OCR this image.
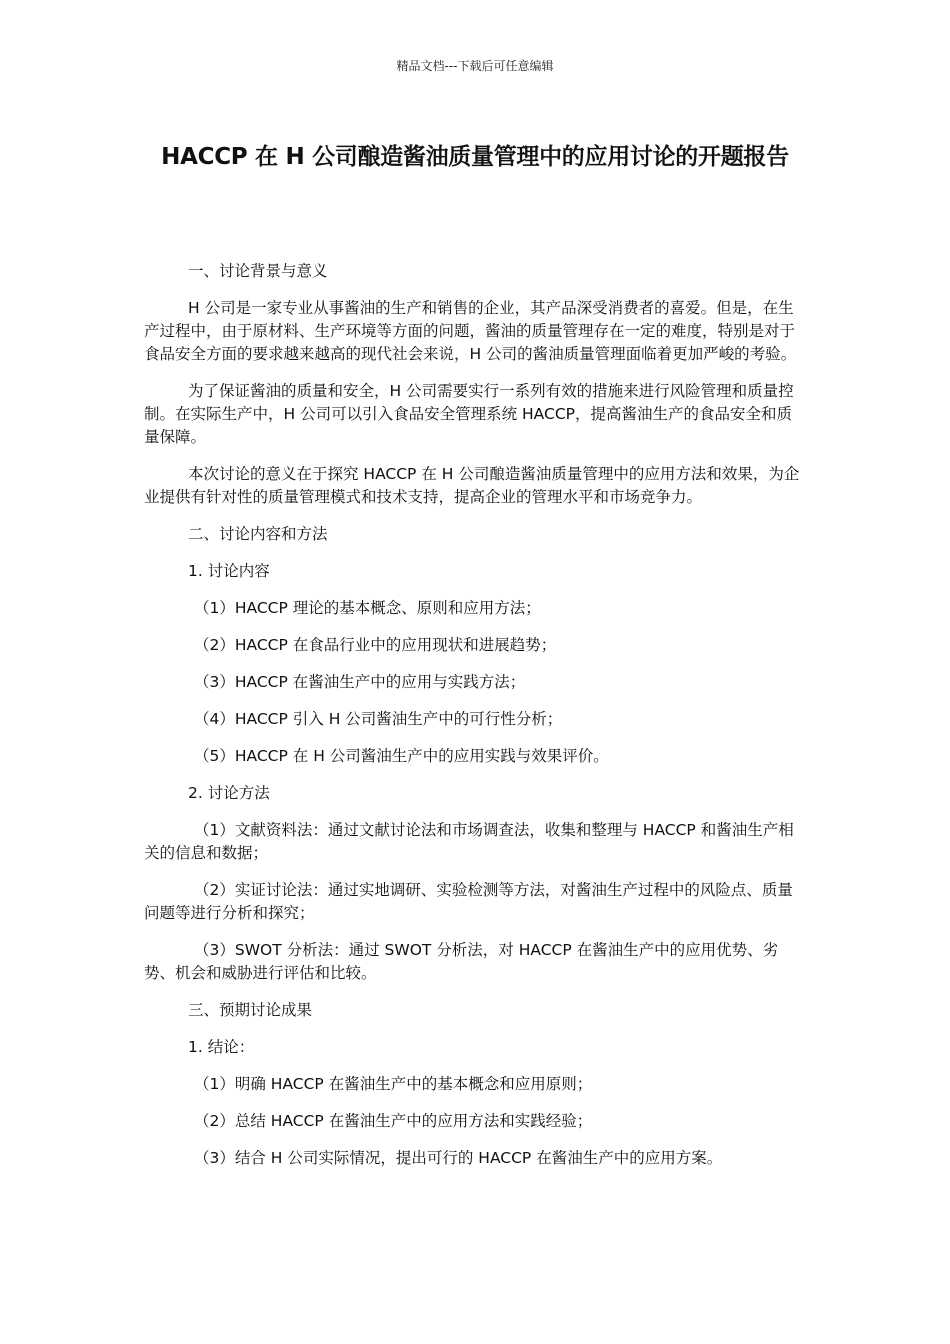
精品文档---下载后可任意编辑
HACCP 在 H 公司酿造酱油质量管理中的应用讨论的开题报告

一、讨论背景与意义

H 公司是一家专业从事酱油的生产和销售的企业，其产品深受消费者的喜爱。但是，在生产过程中，由于原材料、生产环境等方面的问题，酱油的质量管理存在一定的难度，特别是对于食品安全方面的要求越来越高的现代社会来说，H 公司的酱油质量管理面临着更加严峻的考验。

为了保证酱油的质量和安全，H 公司需要实行一系列有效的措施来进行风险管理和质量控制。在实际生产中，H 公司可以引入食品安全管理系统 HACCP，提高酱油生产的食品安全和质量保障。

本次讨论的意义在于探究 HACCP 在 H 公司酿造酱油质量管理中的应用方法和效果，为企业提供有针对性的质量管理模式和技术支持，提高企业的管理水平和市场竞争力。

二、讨论内容和方法

1. 讨论内容

（1）HACCP 理论的基本概念、原则和应用方法；

（2）HACCP 在食品行业中的应用现状和进展趋势；

（3）HACCP 在酱油生产中的应用与实践方法；

（4）HACCP 引入 H 公司酱油生产中的可行性分析；

（5）HACCP 在 H 公司酱油生产中的应用实践与效果评价。

2. 讨论方法

（1）文献资料法：通过文献讨论法和市场调查法，收集和整理与 HACCP 和酱油生产相关的信息和数据；

（2）实证讨论法：通过实地调研、实验检测等方法，对酱油生产过程中的风险点、质量问题等进行分析和探究；

（3）SWOT 分析法：通过 SWOT 分析法，对 HACCP 在酱油生产中的应用优势、劣势、机会和威胁进行评估和比较。

三、预期讨论成果

1. 结论：

（1）明确 HACCP 在酱油生产中的基本概念和应用原则；

（2）总结 HACCP 在酱油生产中的应用方法和实践经验；

（3）结合 H 公司实际情况，提出可行的 HACCP 在酱油生产中的应用方案。
